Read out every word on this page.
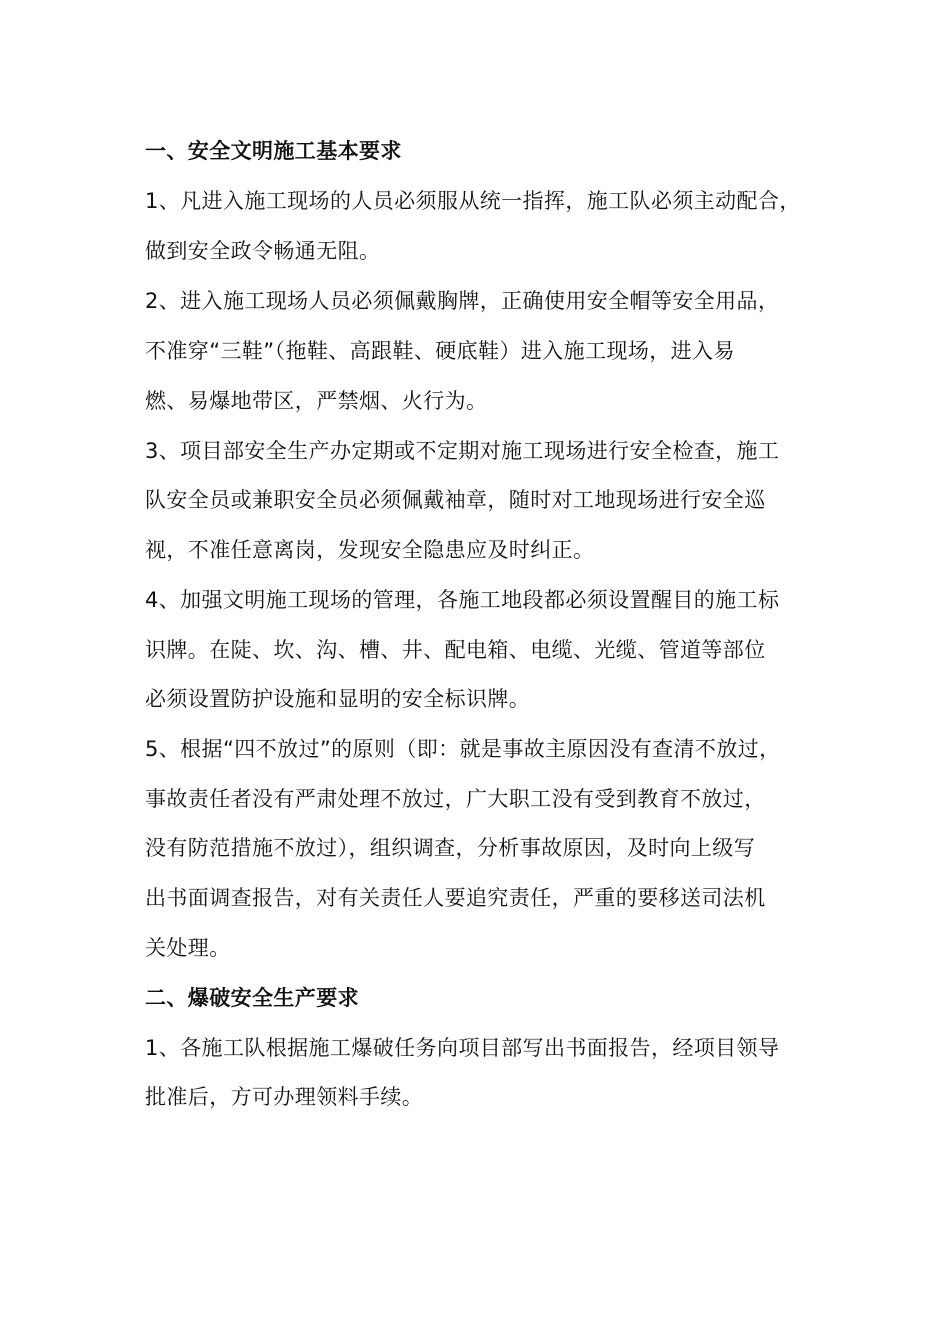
一、安全文明施工基本要求
1、凡进入施工现场的人员必须服从统一指挥，施工队必须主动配合，
做到安全政令畅通无阻。
2、进入施工现场人员必须佩戴胸牌，正确使用安全帽等安全用品，
不准穿“三鞋”（拖鞋、高跟鞋、硬底鞋）进入施工现场，进入易
燃、易爆地带区，严禁烟、火行为。
3、项目部安全生产办定期或不定期对施工现场进行安全检查，施工
队安全员或兼职安全员必须佩戴袖章，随时对工地现场进行安全巡
视，不准任意离岗，发现安全隐患应及时纠正。
4、加强文明施工现场的管理，各施工地段都必须设置醒目的施工标
识牌。在陡、坎、沟、槽、井、配电箱、电缆、光缆、管道等部位
必须设置防护设施和显明的安全标识牌。
5、根据“四不放过”的原则（即：就是事故主原因没有查清不放过，
事故责任者没有严肃处理不放过，广大职工没有受到教育不放过，
没有防范措施不放过），组织调查，分析事故原因，及时向上级写
出书面调查报告，对有关责任人要追究责任，严重的要移送司法机
关处理。
二、爆破安全生产要求
1、各施工队根据施工爆破任务向项目部写出书面报告，经项目领导
批准后，方可办理领料手续。
